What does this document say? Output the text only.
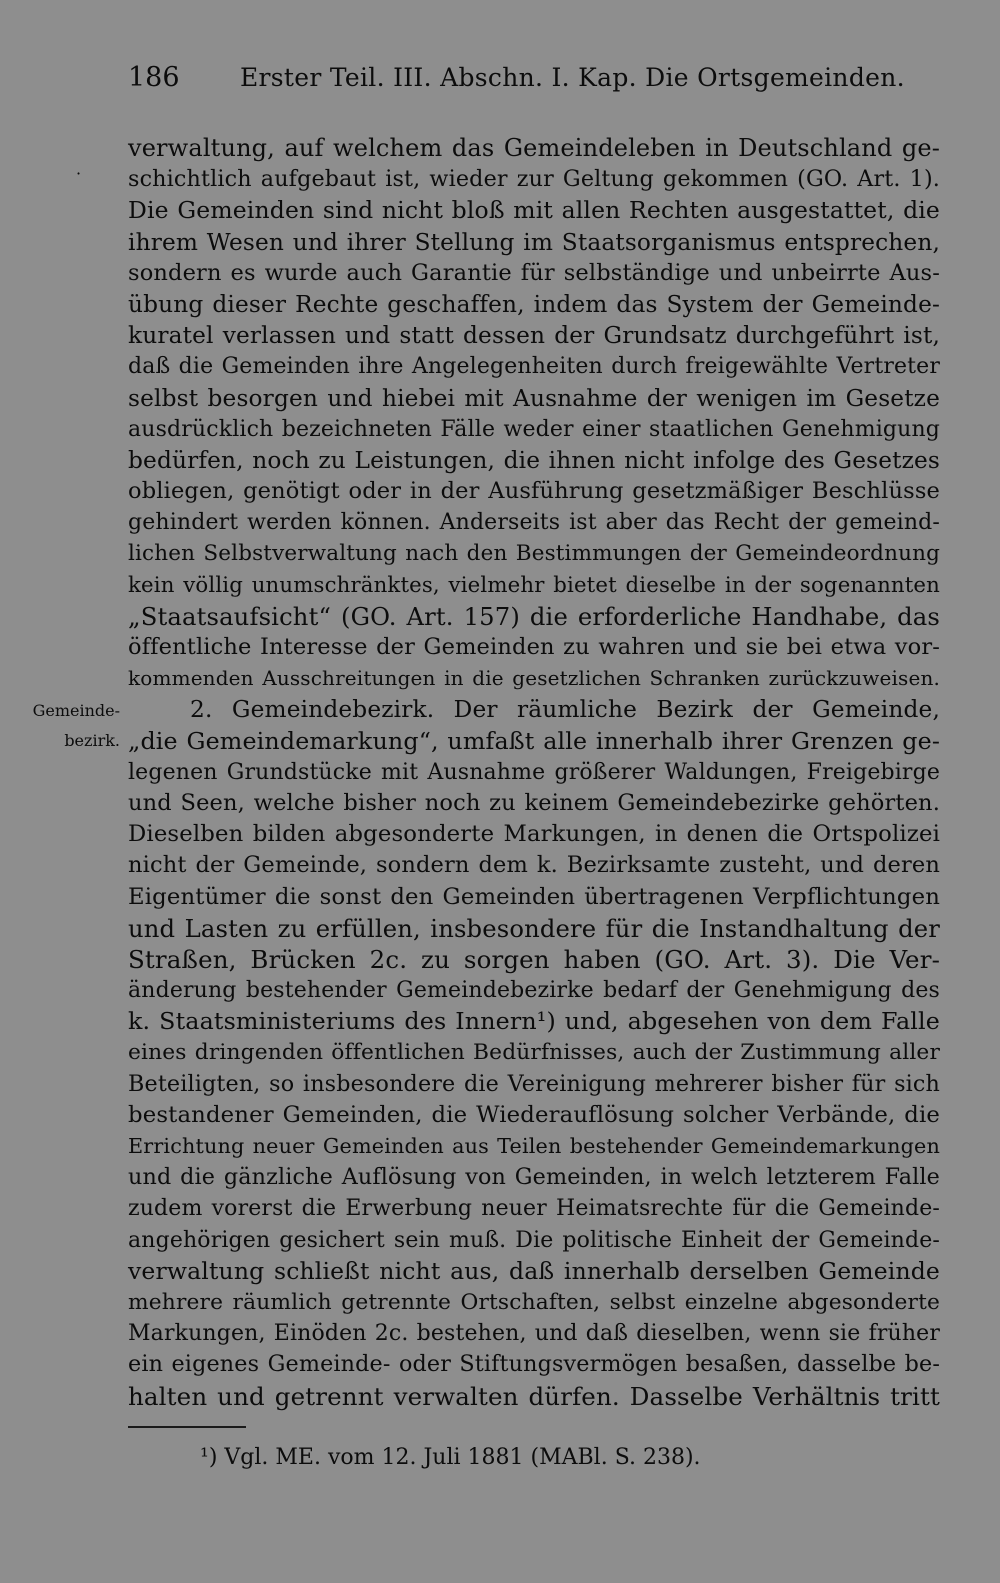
186 Erster Teil. III. Abschn. I. Kap. Die Ortsgemeinden.
·
Gemeinde-
bezirk.
verwaltung, auf welchem das Gemeindeleben in Deutschland ge-
schichtlich aufgebaut ist, wieder zur Geltung gekommen (GO. Art. 1).
Die Gemeinden sind nicht bloß mit allen Rechten ausgestattet, die
ihrem Wesen und ihrer Stellung im Staatsorganismus entsprechen,
sondern es wurde auch Garantie für selbständige und unbeirrte Aus-
übung dieser Rechte geschaffen, indem das System der Gemeinde-
kuratel verlassen und statt dessen der Grundsatz durchgeführt ist,
daß die Gemeinden ihre Angelegenheiten durch freigewählte Vertreter
selbst besorgen und hiebei mit Ausnahme der wenigen im Gesetze
ausdrücklich bezeichneten Fälle weder einer staatlichen Genehmigung
bedürfen, noch zu Leistungen, die ihnen nicht infolge des Gesetzes
obliegen, genötigt oder in der Ausführung gesetzmäßiger Beschlüsse
gehindert werden können. Anderseits ist aber das Recht der gemeind-
lichen Selbstverwaltung nach den Bestimmungen der Gemeindeordnung
kein völlig unumschränktes, vielmehr bietet dieselbe in der sogenannten
„Staatsaufsicht“ (GO. Art. 157) die erforderliche Handhabe, das
öffentliche Interesse der Gemeinden zu wahren und sie bei etwa vor-
kommenden Ausschreitungen in die gesetzlichen Schranken zurückzuweisen.
2. Gemeindebezirk. Der räumliche Bezirk der Gemeinde,
„die Gemeindemarkung“, umfaßt alle innerhalb ihrer Grenzen ge-
legenen Grundstücke mit Ausnahme größerer Waldungen, Freigebirge
und Seen, welche bisher noch zu keinem Gemeindebezirke gehörten.
Dieselben bilden abgesonderte Markungen, in denen die Ortspolizei
nicht der Gemeinde, sondern dem k. Bezirksamte zusteht, und deren
Eigentümer die sonst den Gemeinden übertragenen Verpflichtungen
und Lasten zu erfüllen, insbesondere für die Instandhaltung der
Straßen, Brücken 2c. zu sorgen haben (GO. Art. 3). Die Ver-
änderung bestehender Gemeindebezirke bedarf der Genehmigung des
k. Staatsministeriums des Innern¹) und, abgesehen von dem Falle
eines dringenden öffentlichen Bedürfnisses, auch der Zustimmung aller
Beteiligten, so insbesondere die Vereinigung mehrerer bisher für sich
bestandener Gemeinden, die Wiederauflösung solcher Verbände, die
Errichtung neuer Gemeinden aus Teilen bestehender Gemeindemarkungen
und die gänzliche Auflösung von Gemeinden, in welch letzterem Falle
zudem vorerst die Erwerbung neuer Heimatsrechte für die Gemeinde-
angehörigen gesichert sein muß. Die politische Einheit der Gemeinde-
verwaltung schließt nicht aus, daß innerhalb derselben Gemeinde
mehrere räumlich getrennte Ortschaften, selbst einzelne abgesonderte
Markungen, Einöden 2c. bestehen, und daß dieselben, wenn sie früher
ein eigenes Gemeinde- oder Stiftungsvermögen besaßen, dasselbe be-
halten und getrennt verwalten dürfen. Dasselbe Verhältnis tritt
¹) Vgl. ME. vom 12. Juli 1881 (MABl. S. 238).
